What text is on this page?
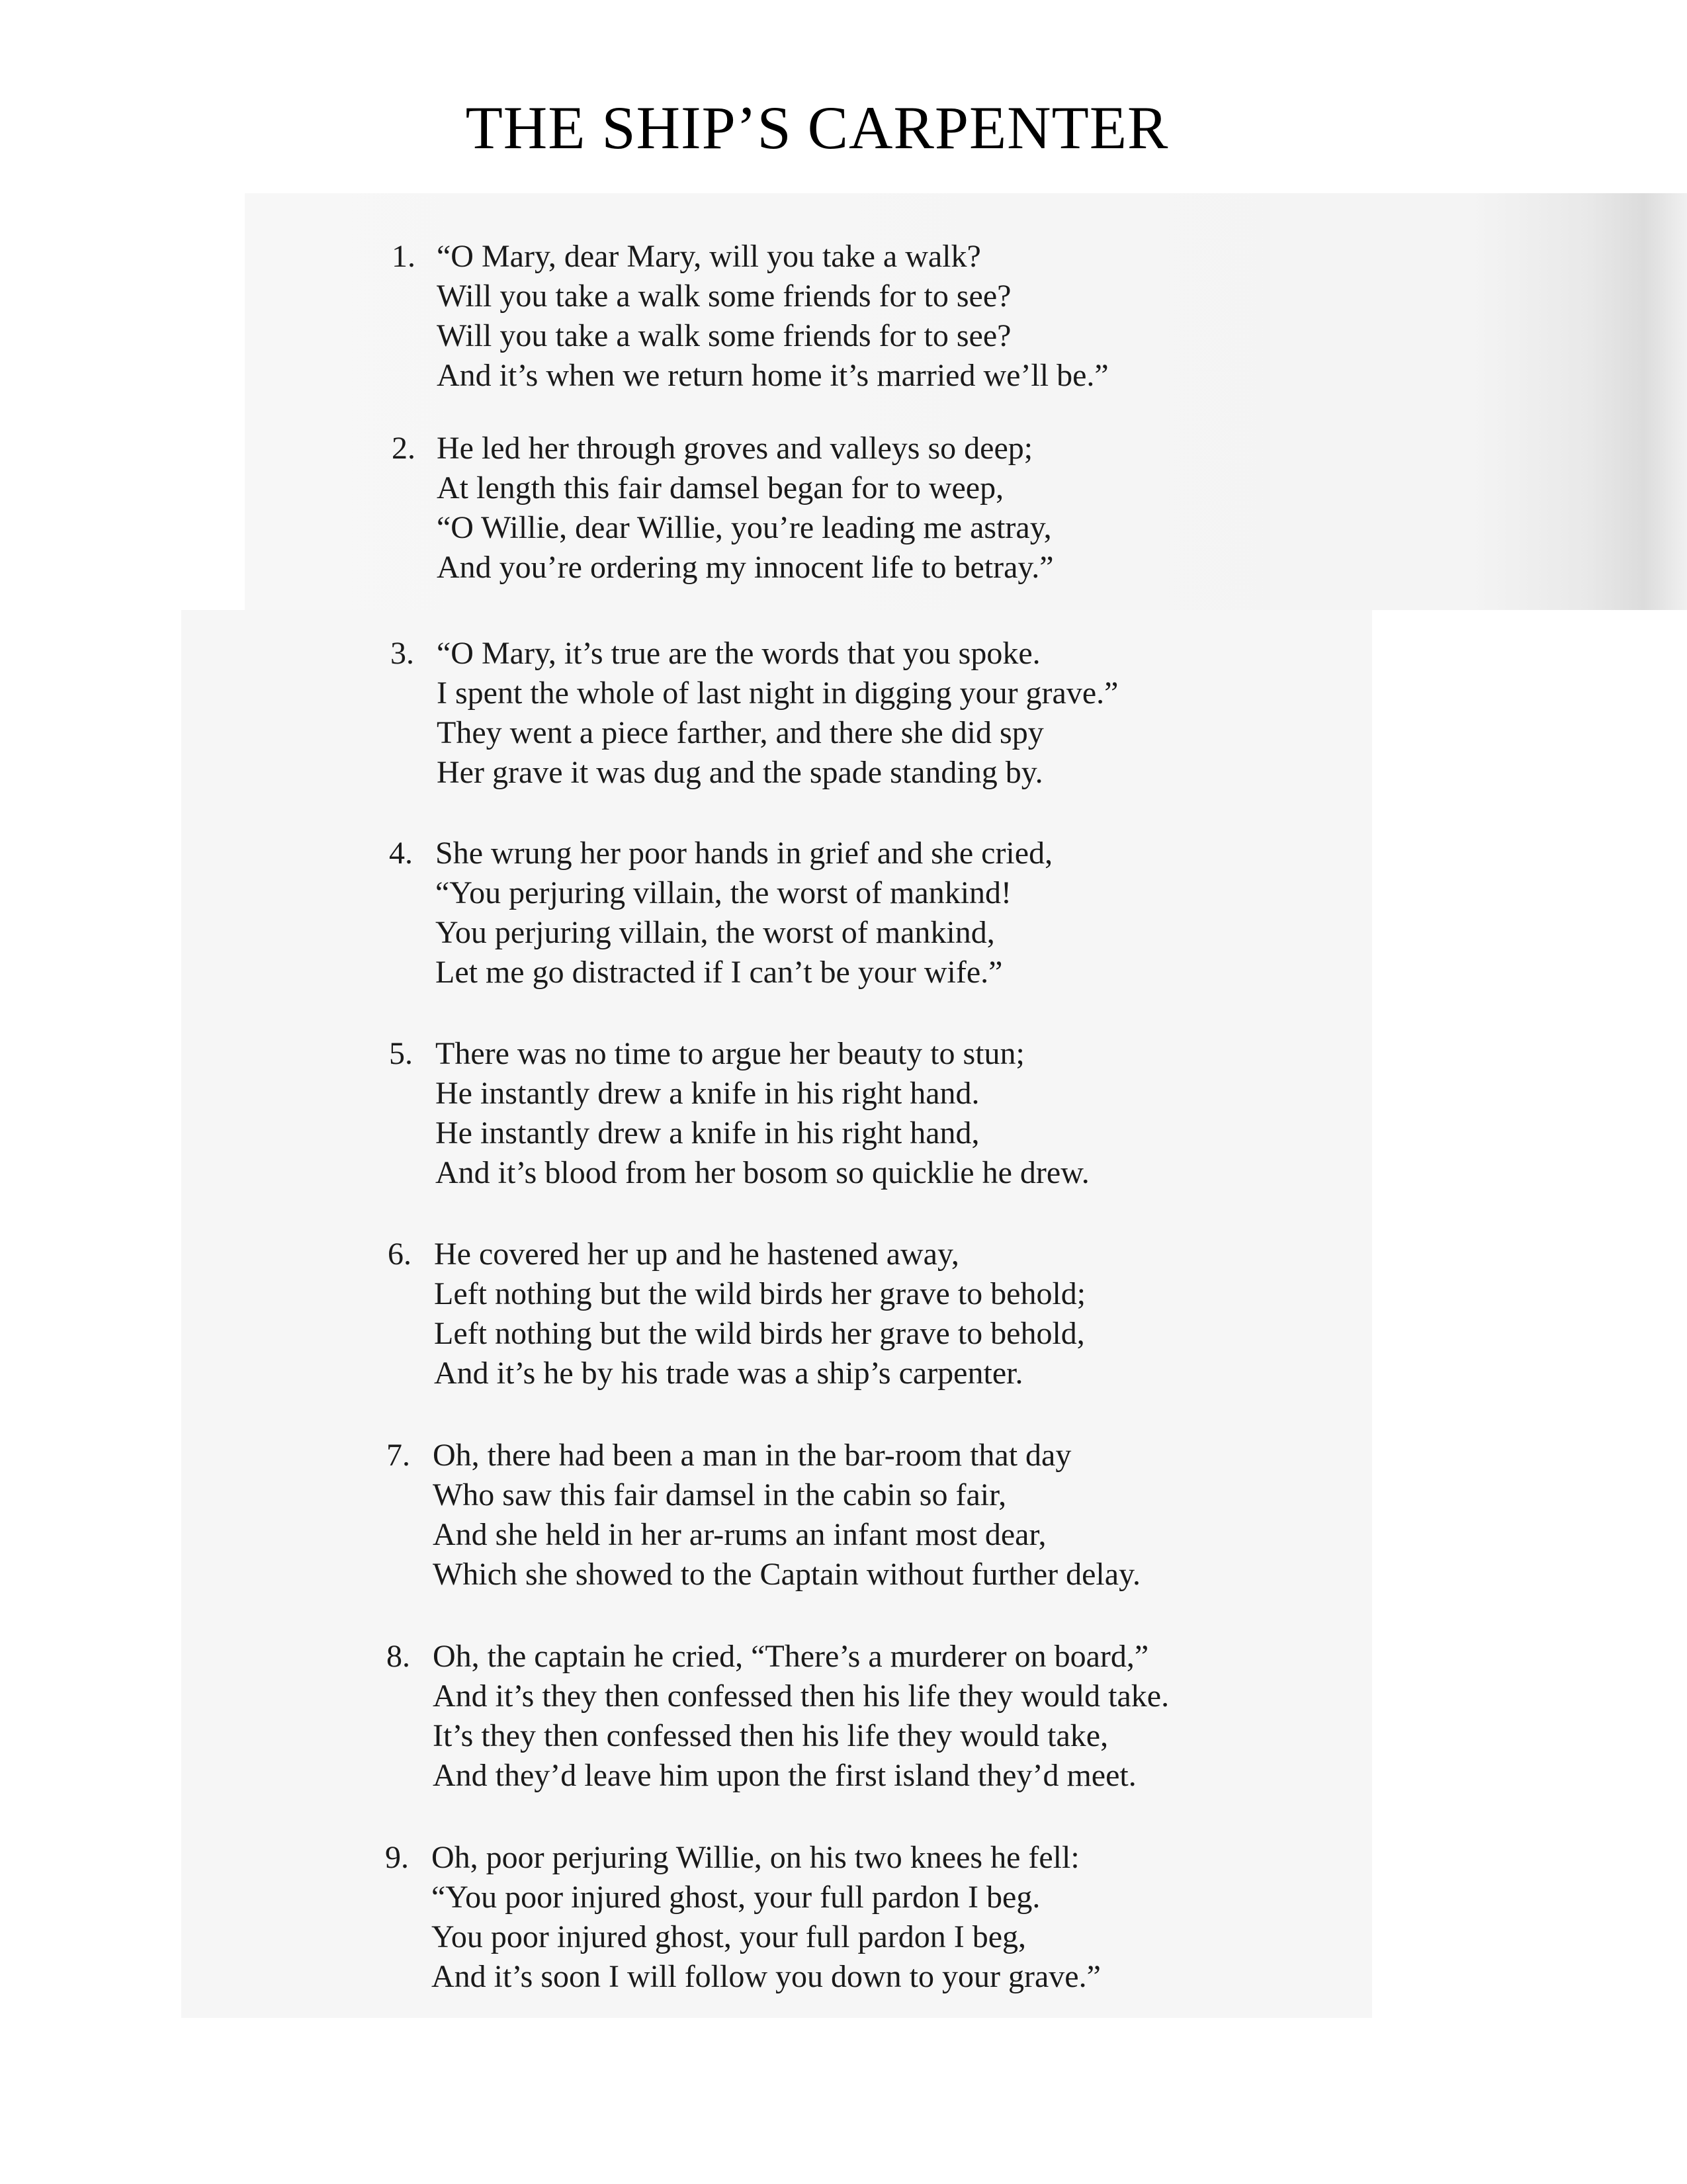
THE SHIP’S CARPENTER
1. “O Mary, dear Mary, will you take a walk?
Will you take a walk some friends for to see?
Will you take a walk some friends for to see?
And it’s when we return home it’s married we’ll be.”
2. He led her through groves and valleys so deep;
At length this fair damsel began for to weep,
“O Willie, dear Willie, you’re leading me astray,
And you’re ordering my innocent life to betray.”
3. “O Mary, it’s true are the words that you spoke.
I spent the whole of last night in digging your grave.”
They went a piece farther, and there she did spy
Her grave it was dug and the spade standing by.
4. She wrung her poor hands in grief and she cried,
“You perjuring villain, the worst of mankind!
You perjuring villain, the worst of mankind,
Let me go distracted if I can’t be your wife.”
5. There was no time to argue her beauty to stun;
He instantly drew a knife in his right hand.
He instantly drew a knife in his right hand,
And it’s blood from her bosom so quicklie he drew.
6. He covered her up and he hastened away,
Left nothing but the wild birds her grave to behold;
Left nothing but the wild birds her grave to behold,
And it’s he by his trade was a ship’s carpenter.
7. Oh, there had been a man in the bar-room that day
Who saw this fair damsel in the cabin so fair,
And she held in her ar-rums an infant most dear,
Which she showed to the Captain without further delay.
8. Oh, the captain he cried, “There’s a murderer on board,”
And it’s they then confessed then his life they would take.
It’s they then confessed then his life they would take,
And they’d leave him upon the first island they’d meet.
9. Oh, poor perjuring Willie, on his two knees he fell:
“You poor injured ghost, your full pardon I beg.
You poor injured ghost, your full pardon I beg,
And it’s soon I will follow you down to your grave.”
